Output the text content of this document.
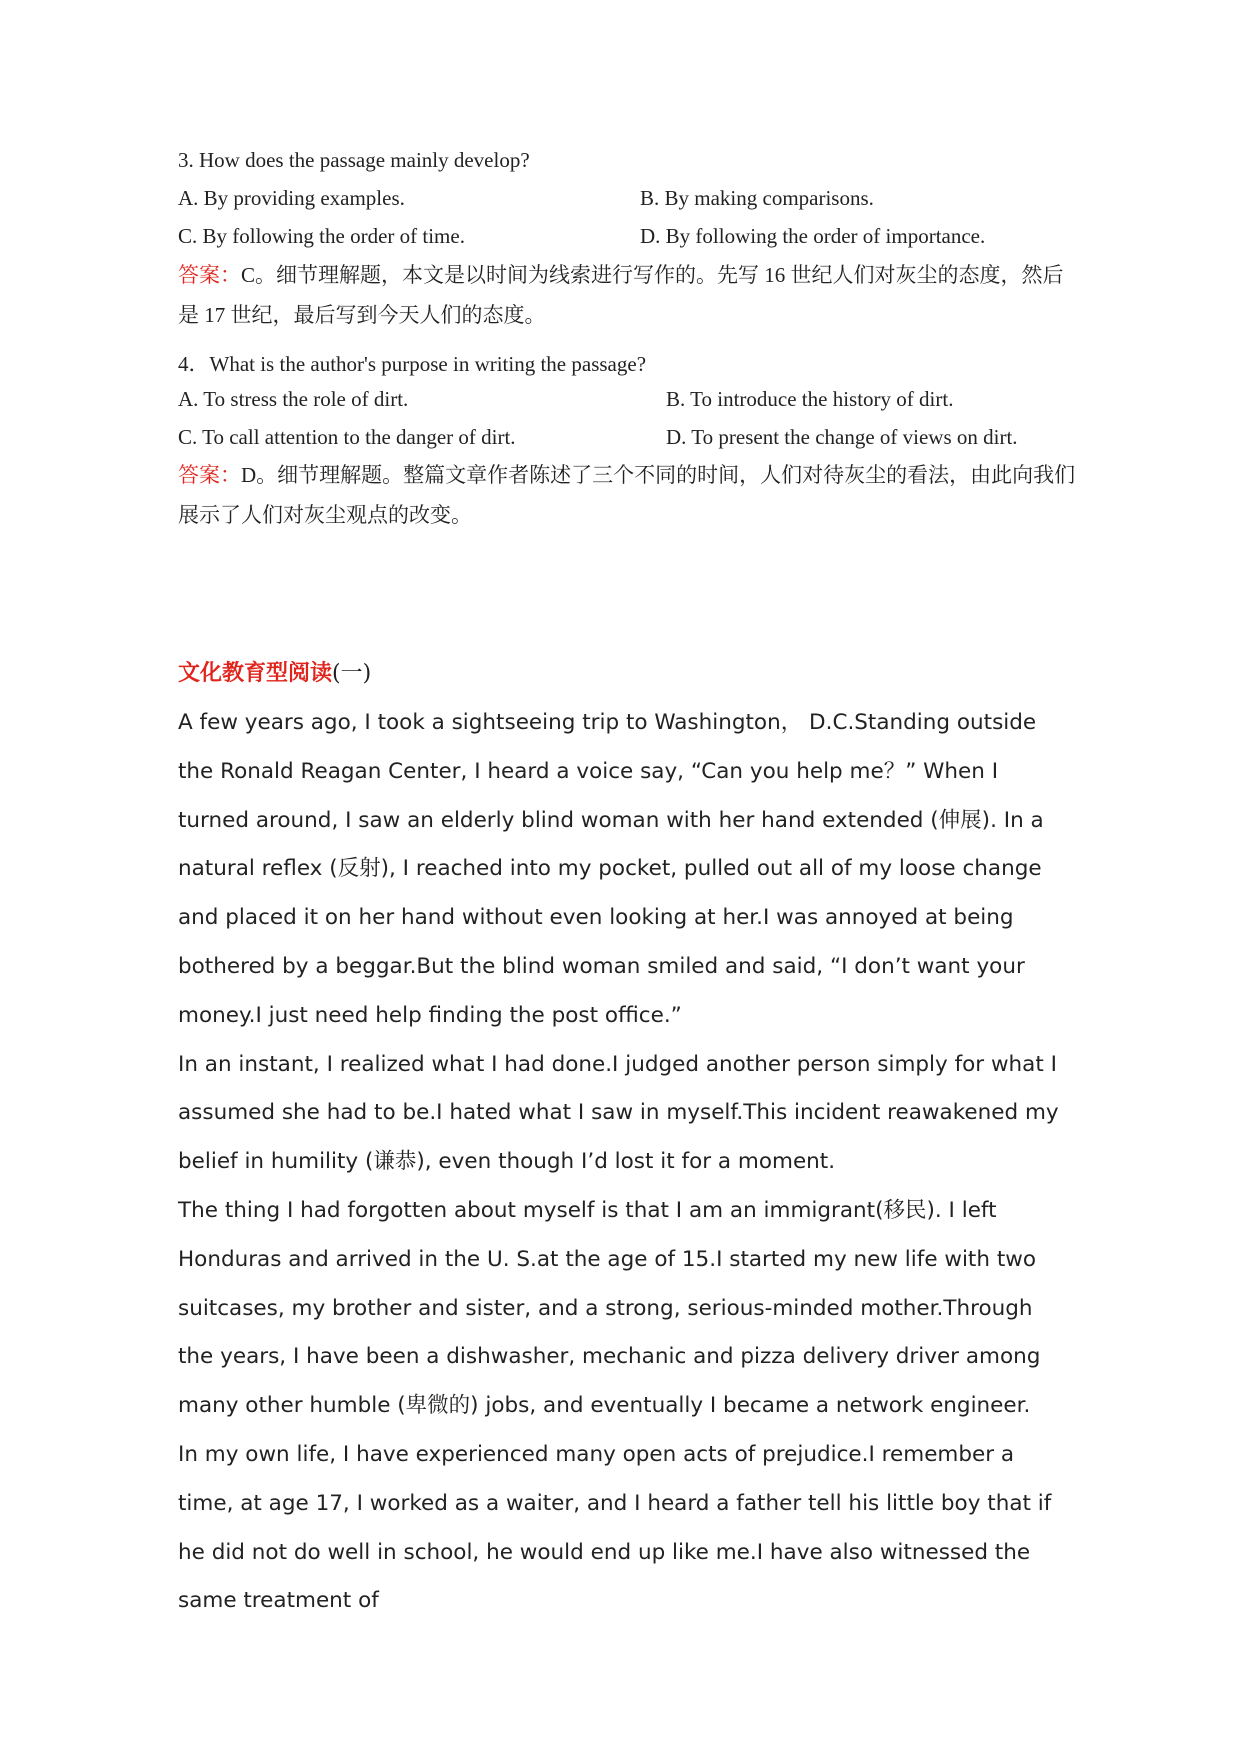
3. How does the passage mainly develop?
A. By providing examples.	B. By making comparisons.
C. By following the order of time.	D. By following the order of importance.
答案：C。细节理解题，本文是以时间为线索进行写作的。先写 16 世纪人们对灰尘的态度，然后是 17 世纪，最后写到今天人们的态度。
4．What is the author's purpose in writing the passage?
A. To stress the role of dirt.	B. To introduce the history of dirt.
C. To call attention to the danger of dirt.	D. To present the change of views on dirt.
答案：D。细节理解题。整篇文章作者陈述了三个不同的时间，人们对待灰尘的看法，由此向我们展示了人们对灰尘观点的改变。
文化教育型阅读(一)

A few years ago, I took a sightseeing trip to Washington， D.C.Standing outside the Ronald Reagan Center, I heard a voice say, “Can you help me？” When I turned around, I saw an elderly blind woman with her hand extended (伸展). In a natural reflex (反射), I reached into my pocket, pulled out all of my loose change and placed it on her hand without even looking at her.I was annoyed at being bothered by a beggar.But the blind woman smiled and said, “I don’t want your money.I just need help finding the post office.”

In an instant, I realized what I had done.I judged another person simply for what I assumed she had to be.I hated what I saw in myself.This incident reawakened my belief in humility (谦恭), even though I’d lost it for a moment.

The thing I had forgotten about myself is that I am an immigrant(移民). I left Honduras and arrived in the U. S.at the age of 15.I started my new life with two suitcases, my brother and sister, and a strong, serious-minded mother.Through the years, I have been a dishwasher, mechanic and pizza delivery driver among many other humble (卑微的) jobs, and eventually I became a network engineer.

In my own life, I have experienced many open acts of prejudice.I remember a time, at age 17, I worked as a waiter, and I heard a father tell his little boy that if he did not do well in school, he would end up like me.I have also witnessed the same treatment of
